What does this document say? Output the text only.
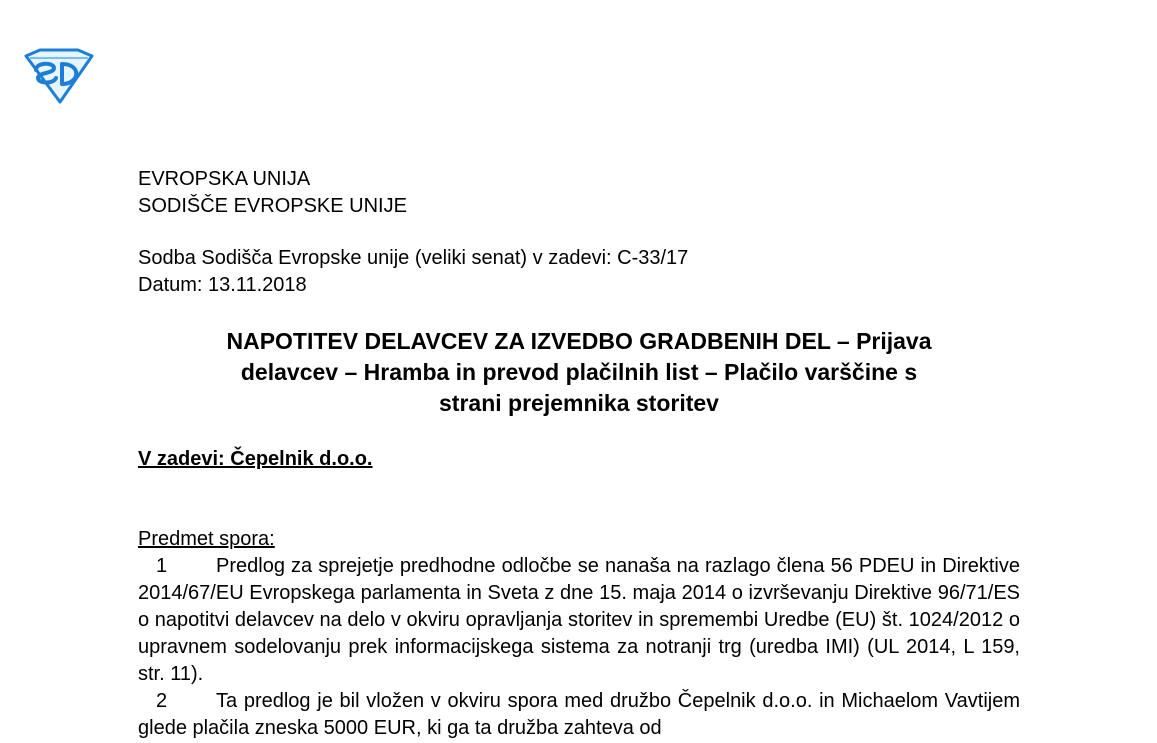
EVROPSKA UNIJA
SODIŠČE EVROPSKE UNIJE
Sodba Sodišča Evropske unije (veliki senat) v zadevi: C-33/17
Datum: 13.11.2018
NAPOTITEV DELAVCEV ZA IZVEDBO GRADBENIH DEL – Prijava
delavcev – Hramba in prevod plačilnih list – Plačilo varščine s
strani prejemnika storitev
V zadevi: Čepelnik d.o.o.
Predmet spora:
1 Predlog za sprejetje predhodne odločbe se nanaša na razlago člena 56 PDEU in Direktive 2014/67/EU Evropskega parlamenta in Sveta z dne 15. maja 2014 o izvrševanju Direktive 96/71/ES o napotitvi delavcev na delo v okviru opravljanja storitev in spremembi Uredbe (EU) št. 1024/2012 o upravnem sodelovanju prek informacijskega sistema za notranji trg (uredba IMI) (UL 2014, L 159, str. 11).
2 Ta predlog je bil vložen v okviru spora med družbo Čepelnik d.o.o. in Michaelom Vavtijem glede plačila zneska 5000 EUR, ki ga ta družba zahteva od
